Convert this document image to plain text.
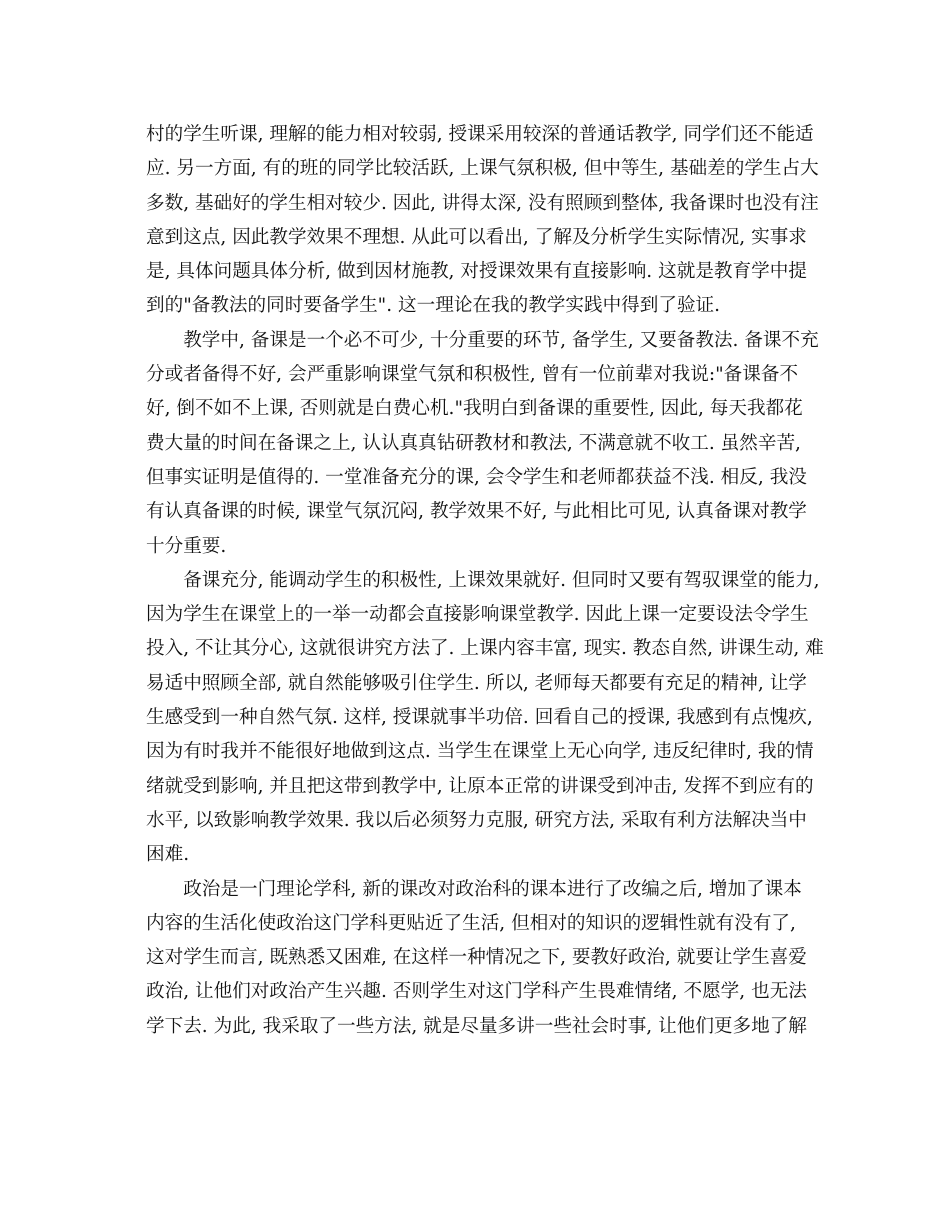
村的学生听课, 理解的能力相对较弱, 授课采用较深的普通话教学, 同学们还不能适
应. 另一方面, 有的班的同学比较活跃, 上课气氛积极, 但中等生, 基础差的学生占大
多数, 基础好的学生相对较少. 因此, 讲得太深, 没有照顾到整体, 我备课时也没有注
意到这点, 因此教学效果不理想. 从此可以看出, 了解及分析学生实际情况, 实事求
是, 具体问题具体分析, 做到因材施教, 对授课效果有直接影响. 这就是教育学中提
到的"备教法的同时要备学生". 这一理论在我的教学实践中得到了验证.
　　教学中, 备课是一个必不可少, 十分重要的环节, 备学生, 又要备教法. 备课不充
分或者备得不好, 会严重影响课堂气氛和积极性, 曾有一位前辈对我说:"备课备不
好, 倒不如不上课, 否则就是白费心机."我明白到备课的重要性, 因此, 每天我都花
费大量的时间在备课之上, 认认真真钻研教材和教法, 不满意就不收工. 虽然辛苦,
但事实证明是值得的. 一堂准备充分的课, 会令学生和老师都获益不浅. 相反, 我没
有认真备课的时候, 课堂气氛沉闷, 教学效果不好, 与此相比可见, 认真备课对教学
十分重要.
　　备课充分, 能调动学生的积极性, 上课效果就好. 但同时又要有驾驭课堂的能力,
因为学生在课堂上的一举一动都会直接影响课堂教学. 因此上课一定要设法令学生
投入, 不让其分心, 这就很讲究方法了. 上课内容丰富, 现实. 教态自然, 讲课生动, 难
易适中照顾全部, 就自然能够吸引住学生. 所以, 老师每天都要有充足的精神, 让学
生感受到一种自然气氛. 这样, 授课就事半功倍. 回看自己的授课, 我感到有点愧疚,
因为有时我并不能很好地做到这点. 当学生在课堂上无心向学, 违反纪律时, 我的情
绪就受到影响, 并且把这带到教学中, 让原本正常的讲课受到冲击, 发挥不到应有的
水平, 以致影响教学效果. 我以后必须努力克服, 研究方法, 采取有利方法解决当中
困难.
　　政治是一门理论学科, 新的课改对政治科的课本进行了改编之后, 增加了课本
内容的生活化使政治这门学科更贴近了生活, 但相对的知识的逻辑性就有没有了,
这对学生而言, 既熟悉又困难, 在这样一种情况之下, 要教好政治, 就要让学生喜爱
政治, 让他们对政治产生兴趣. 否则学生对这门学科产生畏难情绪, 不愿学, 也无法
学下去. 为此, 我采取了一些方法, 就是尽量多讲一些社会时事, 让他们更多地了解
